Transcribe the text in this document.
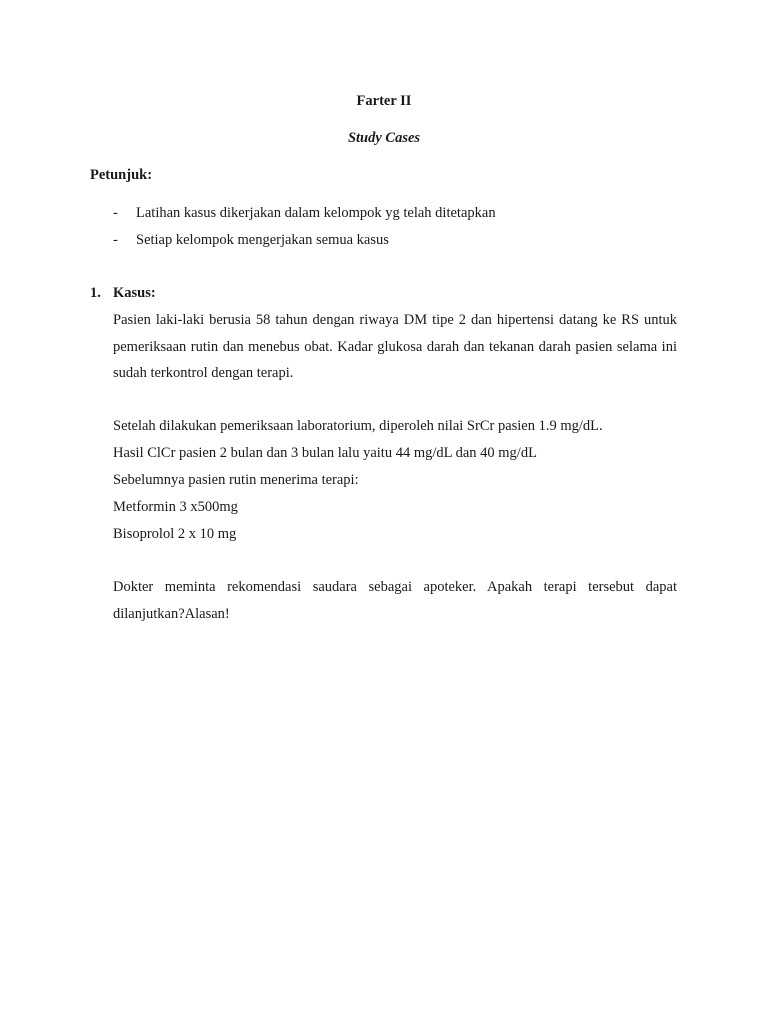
Farter II
Study Cases
Petunjuk:
- Latihan kasus dikerjakan dalam kelompok yg telah ditetapkan
- Setiap kelompok mengerjakan semua kasus
1. Kasus:
Pasien laki-laki berusia 58 tahun dengan riwaya DM tipe 2 dan hipertensi datang ke RS untuk pemeriksaan rutin dan menebus obat. Kadar glukosa darah dan tekanan darah pasien selama ini sudah terkontrol dengan terapi.
Setelah dilakukan pemeriksaan laboratorium, diperoleh nilai SrCr pasien 1.9 mg/dL.
Hasil ClCr pasien 2 bulan dan 3 bulan lalu yaitu 44 mg/dL dan 40 mg/dL
Sebelumnya pasien rutin menerima terapi:
Metformin 3 x500mg
Bisoprolol 2 x 10 mg
Dokter meminta rekomendasi saudara sebagai apoteker. Apakah terapi tersebut dapat dilanjutkan?Alasan!
